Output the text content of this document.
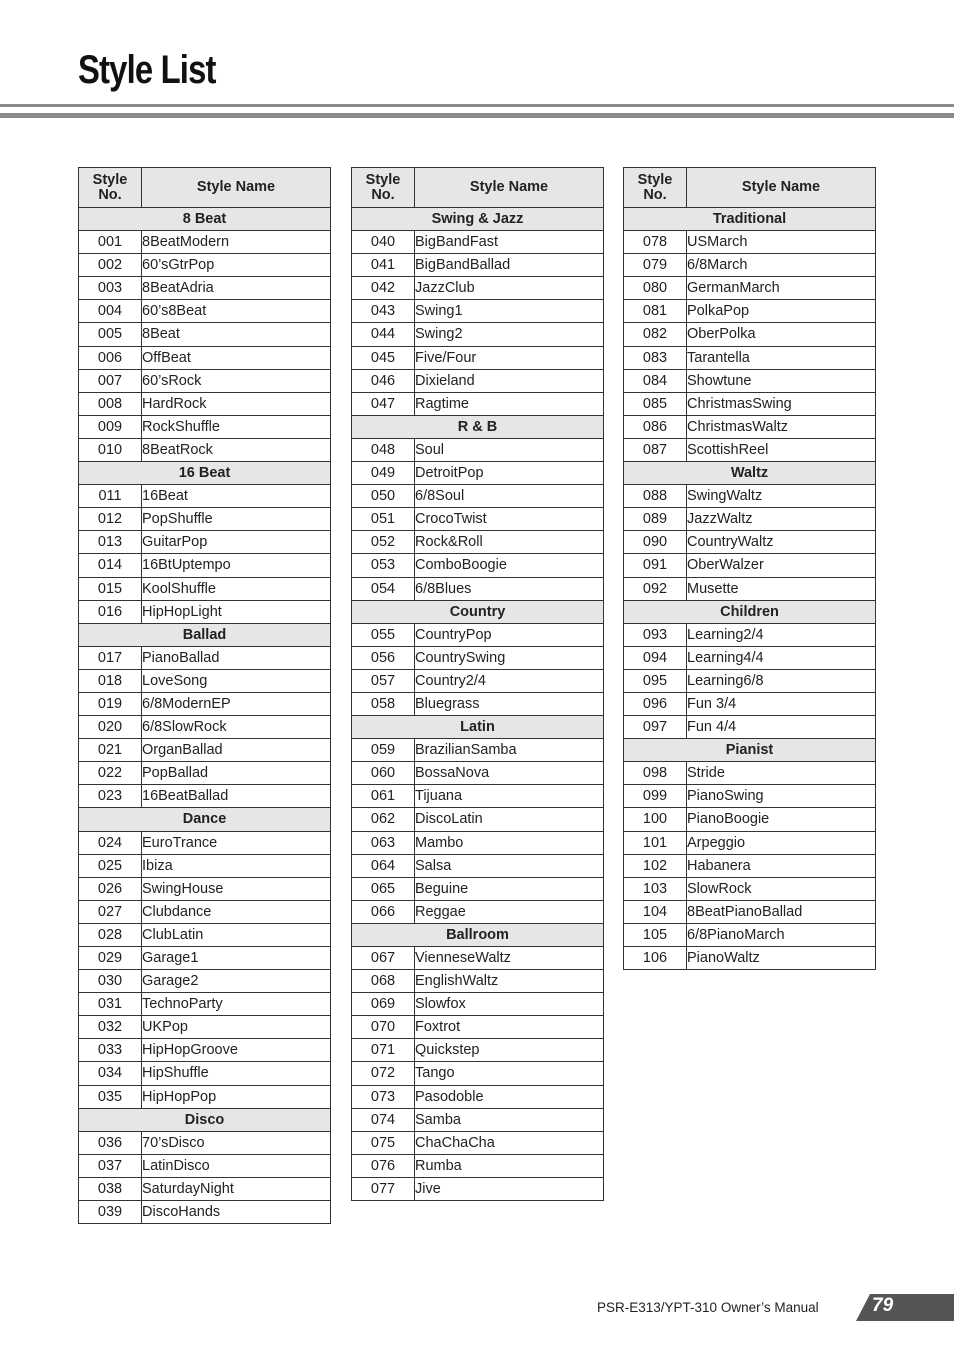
Style List
Style No.	Style Name
8 Beat	
001	8BeatModern
002	60’sGtrPop
003	8BeatAdria
004	60’s8Beat
005	8Beat
006	OffBeat
007	60’sRock
008	HardRock
009	RockShuffle
010	8BeatRock
16 Beat	
011	16Beat
012	PopShuffle
013	GuitarPop
014	16BtUptempo
015	KoolShuffle
016	HipHopLight
Ballad	
017	PianoBallad
018	LoveSong
019	6/8ModernEP
020	6/8SlowRock
021	OrganBallad
022	PopBallad
023	16BeatBallad
Dance	
024	EuroTrance
025	Ibiza
026	SwingHouse
027	Clubdance
028	ClubLatin
029	Garage1
030	Garage2
031	TechnoParty
032	UKPop
033	HipHopGroove
034	HipShuffle
035	HipHopPop
Disco	
036	70’sDisco
037	LatinDisco
038	SaturdayNight
039	DiscoHands
Style No.	Style Name
Swing & Jazz	
040	BigBandFast
041	BigBandBallad
042	JazzClub
043	Swing1
044	Swing2
045	Five/Four
046	Dixieland
047	Ragtime
R & B	
048	Soul
049	DetroitPop
050	6/8Soul
051	CrocoTwist
052	Rock&Roll
053	ComboBoogie
054	6/8Blues
Country	
055	CountryPop
056	CountrySwing
057	Country2/4
058	Bluegrass
Latin	
059	BrazilianSamba
060	BossaNova
061	Tijuana
062	DiscoLatin
063	Mambo
064	Salsa
065	Beguine
066	Reggae
Ballroom	
067	VienneseWaltz
068	EnglishWaltz
069	Slowfox
070	Foxtrot
071	Quickstep
072	Tango
073	Pasodoble
074	Samba
075	ChaChaCha
076	Rumba
077	Jive
Style No.	Style Name
Traditional	
078	USMarch
079	6/8March
080	GermanMarch
081	PolkaPop
082	OberPolka
083	Tarantella
084	Showtune
085	ChristmasSwing
086	ChristmasWaltz
087	ScottishReel
Waltz	
088	SwingWaltz
089	JazzWaltz
090	CountryWaltz
091	OberWalzer
092	Musette
Children	
093	Learning2/4
094	Learning4/4
095	Learning6/8
096	Fun 3/4
097	Fun 4/4
Pianist	
098	Stride
099	PianoSwing
100	PianoBoogie
101	Arpeggio
102	Habanera
103	SlowRock
104	8BeatPianoBallad
105	6/8PianoMarch
106	PianoWaltz
PSR-E313/YPT-310 Owner’s Manual	79
